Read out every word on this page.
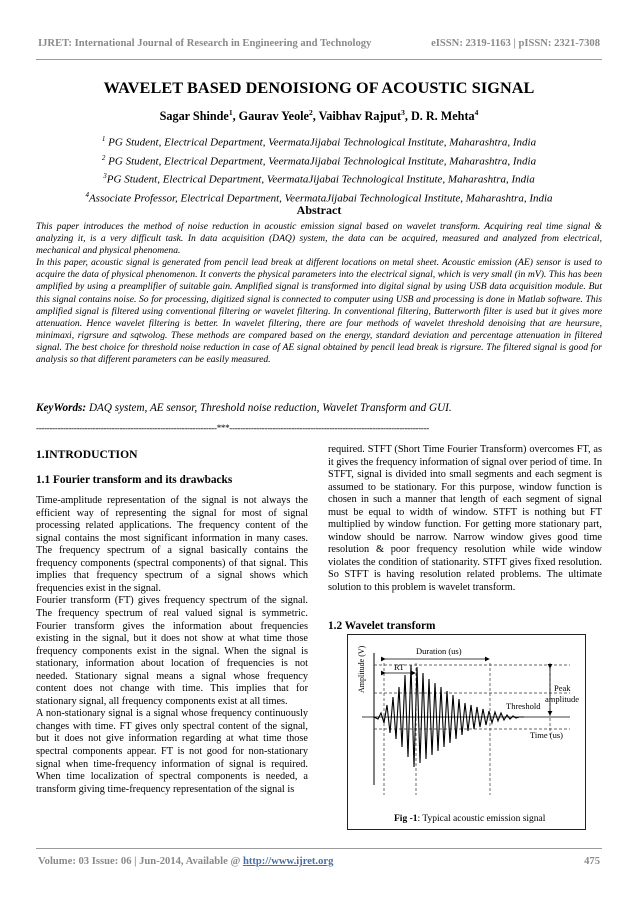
IJRET: International Journal of Research in Engineering and Technology	eISSN: 2319-1163 | pISSN: 2321-7308
WAVELET BASED DENOISIONG OF ACOUSTIC SIGNAL
Sagar Shinde$^1$, Gaurav Yeole$^2$, Vaibhav Rajput$^3$, D. R. Mehta$^4$
$^1$ PG Student, Electrical Department, VeermataJijabai Technological Institute, Maharashtra, India
$^2$ PG Student, Electrical Department, VeermataJijabai Technological Institute, Maharashtra, India
$^3$PG Student, Electrical Department, VeermataJijabai Technological Institute, Maharashtra, India
$^4$Associate Professor, Electrical Department, VeermataJijabai Technological Institute, Maharashtra, India
Abstract

This paper introduces the method of noise reduction in acoustic emission signal based on wavelet transform. Acquiring real time signal & analyzing it, is a very difficult task. In data acquisition (DAQ) system, the data can be acquired, measured and analyzed from electrical, mechanical and physical phenomena.

In this paper, acoustic signal is generated from pencil lead break at different locations on metal sheet. Acoustic emission (AE) sensor is used to acquire the data of physical phenomenon. It converts the physical parameters into the electrical signal, which is very small (in mV). This has been amplified by using a preamplifier of suitable gain. Amplified signal is transformed into digital signal by using USB data acquisition module. But this signal contains noise. So for processing, digitized signal is connected to computer using USB and processing is done in Matlab software. This amplified signal is filtered using conventional filtering or wavelet filtering. In conventional filtering, Butterworth filter is used but it gives more attenuation. Hence wavelet filtering is better. In wavelet filtering, there are four methods of wavelet threshold denoising that are heursure, minimaxi, rigrsure and sqtwolog. These methods are compared based on the energy, standard deviation and percentage attenuation in filtered signal. The best choice for threshold noise reduction in case of AE signal obtained by pencil lead break is rigrsure. The filtered signal is good for analysis so that different parameters can be easily measured.

KeyWords: DAQ system, AE sensor, Threshold noise reduction, Wavelet Transform and GUI.
-------------------------------------------------------------------***--------------------------------------------------------------------------

1.INTRODUCTION

1.1 Fourier transform and its drawbacks

Time-amplitude representation of the signal is not always the efficient way of representing the signal for most of signal processing related applications. The frequency content of the signal contains the most significant information in many cases. The frequency spectrum of a signal basically contains the frequency components (spectral components) of that signal. This implies that frequency spectrum of a signal shows which frequencies exist in the signal.

Fourier transform (FT) gives frequency spectrum of the signal. The frequency spectrum of real valued signal is symmetric. Fourier transform gives the information about frequencies existing in the signal, but it does not show at what time those frequency components exist in the signal. When the signal is stationary, information about location of frequencies is not needed. Stationary signal means a signal whose frequency content does not change with time. This implies that for stationary signal, all frequency components exist at all times.

A non-stationary signal is a signal whose frequency continuously changes with time. FT gives only spectral content of the signal, but it does not give information regarding at what time those spectral components appear. FT is not good for non-stationary signal when time-frequency information of signal is required. When time localization of spectral components is needed, a transform giving time-frequency representation of the signal is

required. STFT (Short Time Fourier Transform) overcomes FT, as it gives the frequency information of signal over period of time. In STFT, signal is divided into small segments and each segment is assumed to be stationary. For this purpose, window function is chosen in such a manner that length of each segment of signal must be equal to width of window. STFT is nothing but FT multiplied by window function. For getting more stationary part, window should be narrow. Narrow window gives good time resolution & poor frequency resolution while wide window violates the condition of stationarity. STFT gives fixed resolution. So STFT is having resolution related problems. The ultimate solution to this problem is wavelet transform.

1.2 Wavelet transform

Duration (us)
RT
Amplitude (V)
Threshold
Peak
amplitude
Time (us)
Fig -1: Typical acoustic emission signal
Volume: 03 Issue: 06 | Jun-2014, Available @ http://www.ijret.org	475
